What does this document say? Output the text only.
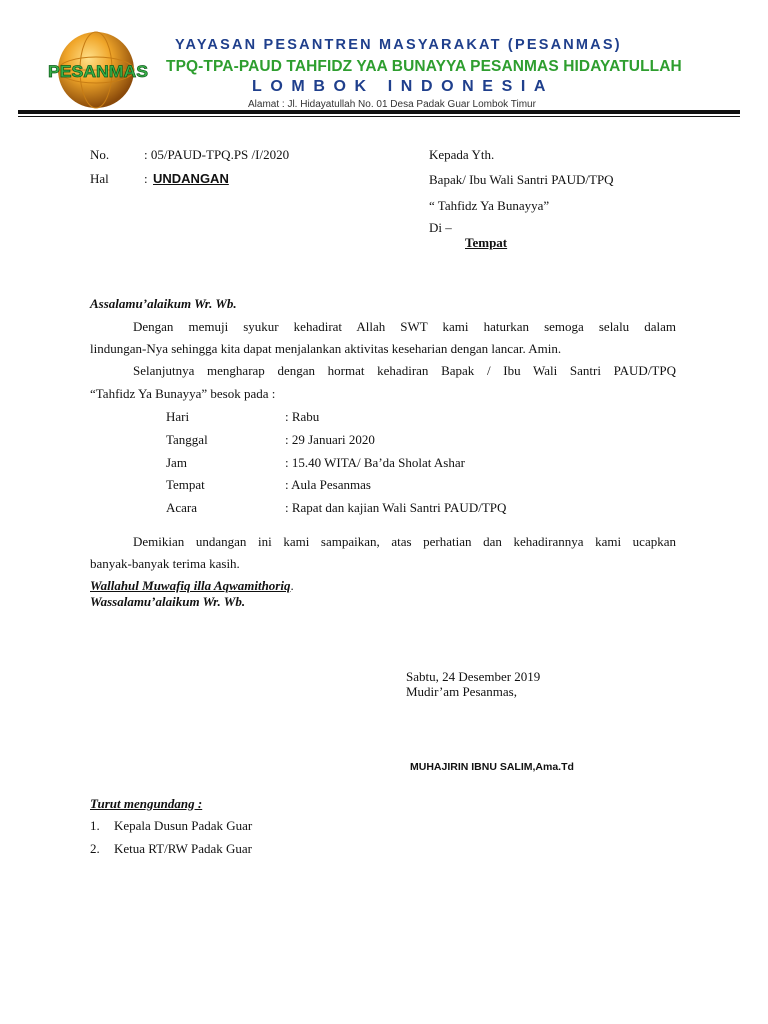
PESANMAS
YAYASAN PESANTREN MASYARAKAT (PESANMAS)
TPQ-TPA-PAUD TAHFIDZ YAA BUNAYYA PESANMAS HIDAYATULLAH
LOMBOK INDONESIA
Alamat : Jl. Hidayatullah No. 01 Desa Padak Guar Lombok Timur
No.	: 05/PAUD-TPQ.PS /I/2020
Hal	: UNDANGAN
Kepada Yth.
Bapak/ Ibu Wali Santri PAUD/TPQ
“ Tahfidz Ya Bunayya”
Di –
Tempat
Assalamu’alaikum Wr. Wb.
Dengan memuji syukur kehadirat Allah SWT kami haturkan semoga selalu dalam
lindungan-Nya sehingga kita dapat menjalankan aktivitas keseharian dengan lancar. Amin.
Selanjutnya mengharap dengan hormat kehadiran Bapak / Ibu Wali Santri PAUD/TPQ
“Tahfidz Ya Bunayya” besok pada :
Hari	: Rabu
Tanggal	: 29 Januari 2020
Jam	: 15.40 WITA/ Ba’da Sholat Ashar
Tempat	: Aula Pesanmas
Acara	: Rapat dan kajian Wali Santri PAUD/TPQ
Demikian undangan ini kami sampaikan, atas perhatian dan kehadirannya kami ucapkan
banyak-banyak terima kasih.
Wallahul Muwafiq illa Aqwamithoriq.
Wassalamu’alaikum Wr. Wb.
Sabtu, 24 Desember 2019
Mudir’am Pesanmas,
MUHAJIRIN IBNU SALIM,Ama.Td
Turut mengundang :
1. Kepala Dusun Padak Guar
2. Ketua RT/RW Padak Guar
